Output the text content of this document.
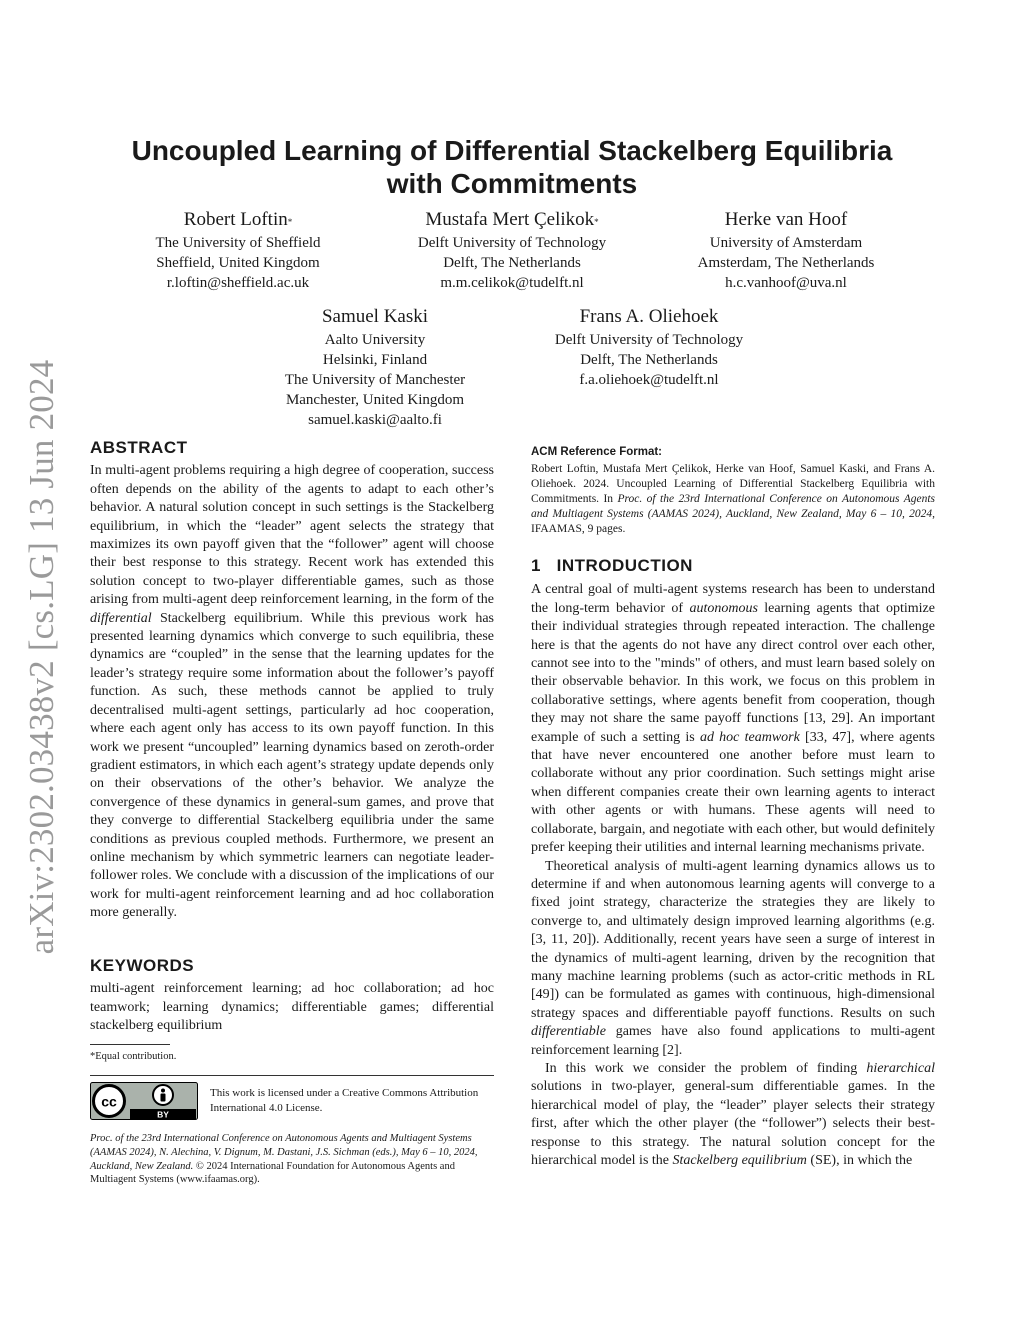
arXiv:2302.03438v2 [cs.LG] 13 Jun 2024
Uncoupled Learning of Differential Stackelberg Equilibria
with Commitments
Robert Loftin*
The University of Sheffield
Sheffield, United Kingdom
r.loftin@sheffield.ac.uk
Mustafa Mert Çelikok*
Delft University of Technology
Delft, The Netherlands
m.m.celikok@tudelft.nl
Herke van Hoof
University of Amsterdam
Amsterdam, The Netherlands
h.c.vanhoof@uva.nl
Samuel Kaski
Aalto University
Helsinki, Finland
The University of Manchester
Manchester, United Kingdom
samuel.kaski@aalto.fi
Frans A. Oliehoek
Delft University of Technology
Delft, The Netherlands
f.a.oliehoek@tudelft.nl
ABSTRACT

In multi-agent problems requiring a high degree of cooperation, success often depends on the ability of the agents to adapt to each other’s behavior. A natural solution concept in such settings is the Stackelberg equilibrium, in which the “leader” agent selects the strategy that maximizes its own payoff given that the “follower” agent will choose their best response to this strategy. Recent work has extended this solution concept to two-player differentiable games, such as those arising from multi-agent deep reinforcement learning, in the form of the differential Stackelberg equilibrium. While this previous work has presented learning dynamics which converge to such equilibria, these dynamics are “coupled” in the sense that the learning updates for the leader’s strategy require some information about the follower’s payoff function. As such, these methods cannot be applied to truly decentralised multi-agent settings, particularly ad hoc cooperation, where each agent only has access to its own payoff function. In this work we present “uncoupled” learning dynamics based on zeroth-order gradient estimators, in which each agent’s strategy update depends only on their observations of the other’s behavior. We analyze the convergence of these dynamics in general-sum games, and prove that they converge to differential Stackelberg equilibria under the same conditions as previous coupled methods. Furthermore, we present an online mechanism by which symmetric learners can negotiate leader-follower roles. We conclude with a discussion of the implications of our work for multi-agent reinforcement learning and ad hoc collaboration more generally.

KEYWORDS

multi-agent reinforcement learning; ad hoc collaboration; ad hoc teamwork; learning dynamics; differentiable games; differential stackelberg equilibrium

*Equal contribution.
cc
BY
This work is licensed under a Creative Commons Attribution International 4.0 License.
Proc. of the 23rd International Conference on Autonomous Agents and Multiagent Systems (AAMAS 2024), N. Alechina, V. Dignum, M. Dastani, J.S. Sichman (eds.), May 6 – 10, 2024, Auckland, New Zealand. © 2024 International Foundation for Autonomous Agents and Multiagent Systems (www.ifaamas.org).
ACM Reference Format:

Robert Loftin, Mustafa Mert Çelikok, Herke van Hoof, Samuel Kaski, and Frans A. Oliehoek. 2024. Uncoupled Learning of Differential Stackelberg Equilibria with Commitments. In Proc. of the 23rd International Conference on Autonomous Agents and Multiagent Systems (AAMAS 2024), Auckland, New Zealand, May 6 – 10, 2024, IFAAMAS, 9 pages.

1   INTRODUCTION

A central goal of multi-agent systems research has been to understand the long-term behavior of autonomous learning agents that optimize their individual strategies through repeated interaction. The challenge here is that the agents do not have any direct control over each other, cannot see into to the "minds" of others, and must learn based solely on their observable behavior. In this work, we focus on this problem in collaborative settings, where agents benefit from cooperation, though they may not share the same payoff functions [13, 29]. An important example of such a setting is ad hoc teamwork [33, 47], where agents that have never encountered one another before must learn to collaborate without any prior coordination. Such settings might arise when different companies create their own learning agents to interact with other agents or with humans. These agents will need to collaborate, bargain, and negotiate with each other, but would definitely prefer keeping their utilities and internal learning mechanisms private.

Theoretical analysis of multi-agent learning dynamics allows us to determine if and when autonomous learning agents will converge to a fixed joint strategy, characterize the strategies they are likely to converge to, and ultimately design improved learning algorithms (e.g. [3, 11, 20]). Additionally, recent years have seen a surge of interest in the dynamics of multi-agent learning, driven by the recognition that many machine learning problems (such as actor-critic methods in RL [49]) can be formulated as games with continuous, high-dimensional strategy spaces and differentiable payoff functions. Results on such differentiable games have also found applications to multi-agent reinforcement learning [2].

In this work we consider the problem of finding hierarchical solutions in two-player, general-sum differentiable games. In the hierarchical model of play, the “leader” player selects their strategy first, after which the other player (the “follower”) selects their best-response to this strategy. The natural solution concept for the hierarchical model is the Stackelberg equilibrium (SE), in which the
